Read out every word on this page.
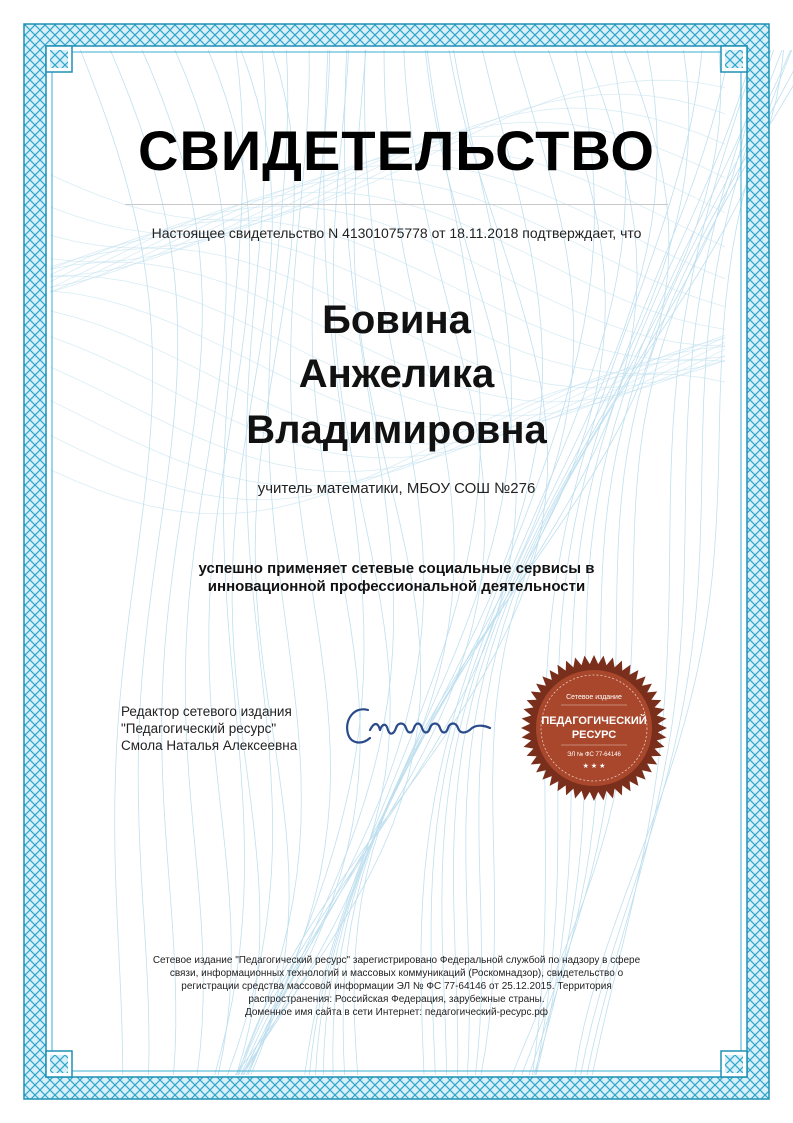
СВИДЕТЕЛЬСТВО
Настоящее свидетельство N 41301075778 от 18.11.2018 подтверждает, что
Бовина
Анжелика
Владимировна
учитель математики, МБОУ СОШ №276
успешно применяет сетевые социальные сервисы в
инновационной профессиональной деятельности
Редактор сетевого издания
"Педагогический ресурс"
Смола Наталья Алексеевна
Сетевое издание
ПЕДАГОГИЧЕСКИЙ
РЕСУРС
ЭЛ № ФС 77-64146
★ ★ ★
Сетевое издание "Педагогический ресурс" зарегистрировано Федеральной службой по надзору в сфере
связи, информационных технологий и массовых коммуникаций (Роскомнадзор), свидетельство о
регистрации средства массовой информации ЭЛ № ФС 77-64146 от 25.12.2015. Территория
распространения: Российская Федерация, зарубежные страны.
Доменное имя сайта в сети Интернет: педагогический-ресурс.рф
